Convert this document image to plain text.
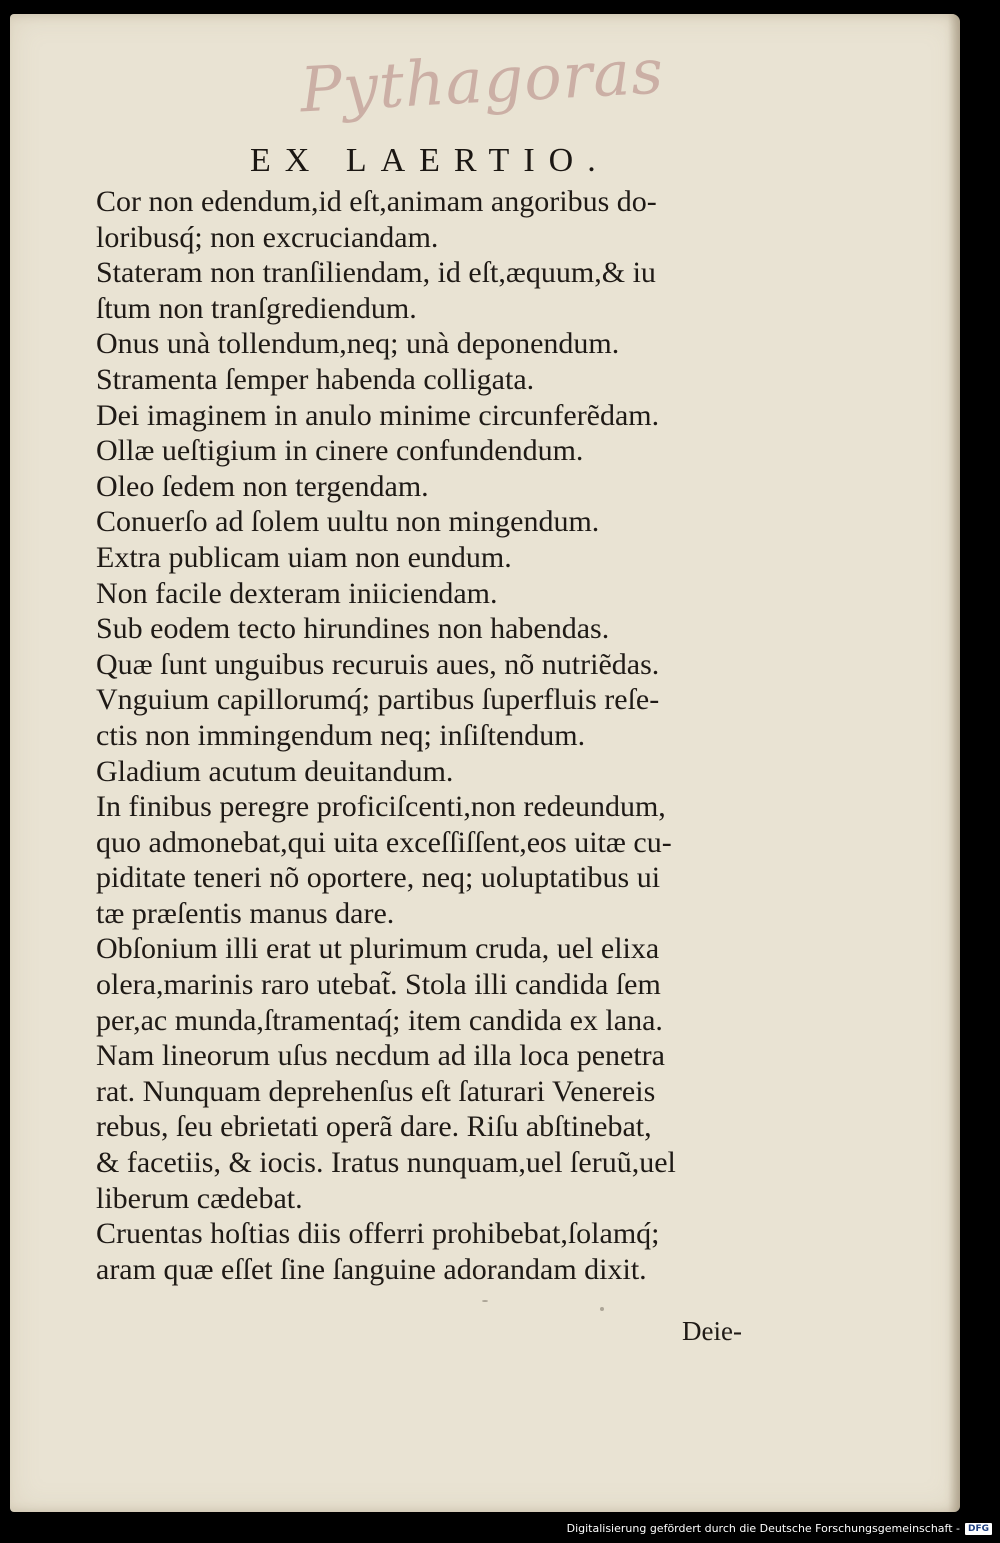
Pythagoras
EX LAERTIO.
Cor non edendum,id eſt,animam angoribus do-
loribusq́; non excruciandam.
Stateram non tranſiliendam, id eſt,æquum,& iu
ſtum non tranſgrediendum.
Onus unà tollendum,neq; unà deponendum.
Stramenta ſemper habenda colligata.
Dei imaginem in anulo minime circunferẽdam.
Ollæ ueſtigium in cinere confundendum.
Oleo ſedem non tergendam.
Conuerſo ad ſolem uultu non mingendum.
Extra publicam uiam non eundum.
Non facile dexteram iniiciendam.
Sub eodem tecto hirundines non habendas.
Quæ ſunt unguibus recuruis aues, nõ nutriẽdas.
Vnguium capillorumq́; partibus ſuperfluis reſe-
ctis non immingendum neq; inſiſtendum.
Gladium acutum deuitandum.
In finibus peregre proficiſcenti,non redeundum,
quo admonebat,qui uita exceſſiſſent,eos uitæ cu-
piditate teneri nõ oportere, neq; uoluptatibus ui
tæ præſentis manus dare.
Obſonium illi erat ut plurimum cruda, uel elixa
olera,marinis raro utebat̃. Stola illi candida ſem
per,ac munda,ſtramentaq́; item candida ex lana.
Nam lineorum uſus necdum ad illa loca penetra
rat. Nunquam deprehenſus eſt ſaturari Venereis
rebus, ſeu ebrietati operã dare. Riſu abſtinebat,
& facetiis, & iocis. Iratus nunquam,uel ſeruũ,uel
liberum cædebat.
Cruentas hoſtias diis offerri prohibebat,ſolamq́;
aram quæ eſſet ſine ſanguine adorandam dixit.
Deie-
Digitalisierung gefördert durch die Deutsche Forschungsgemeinschaft - DFG
